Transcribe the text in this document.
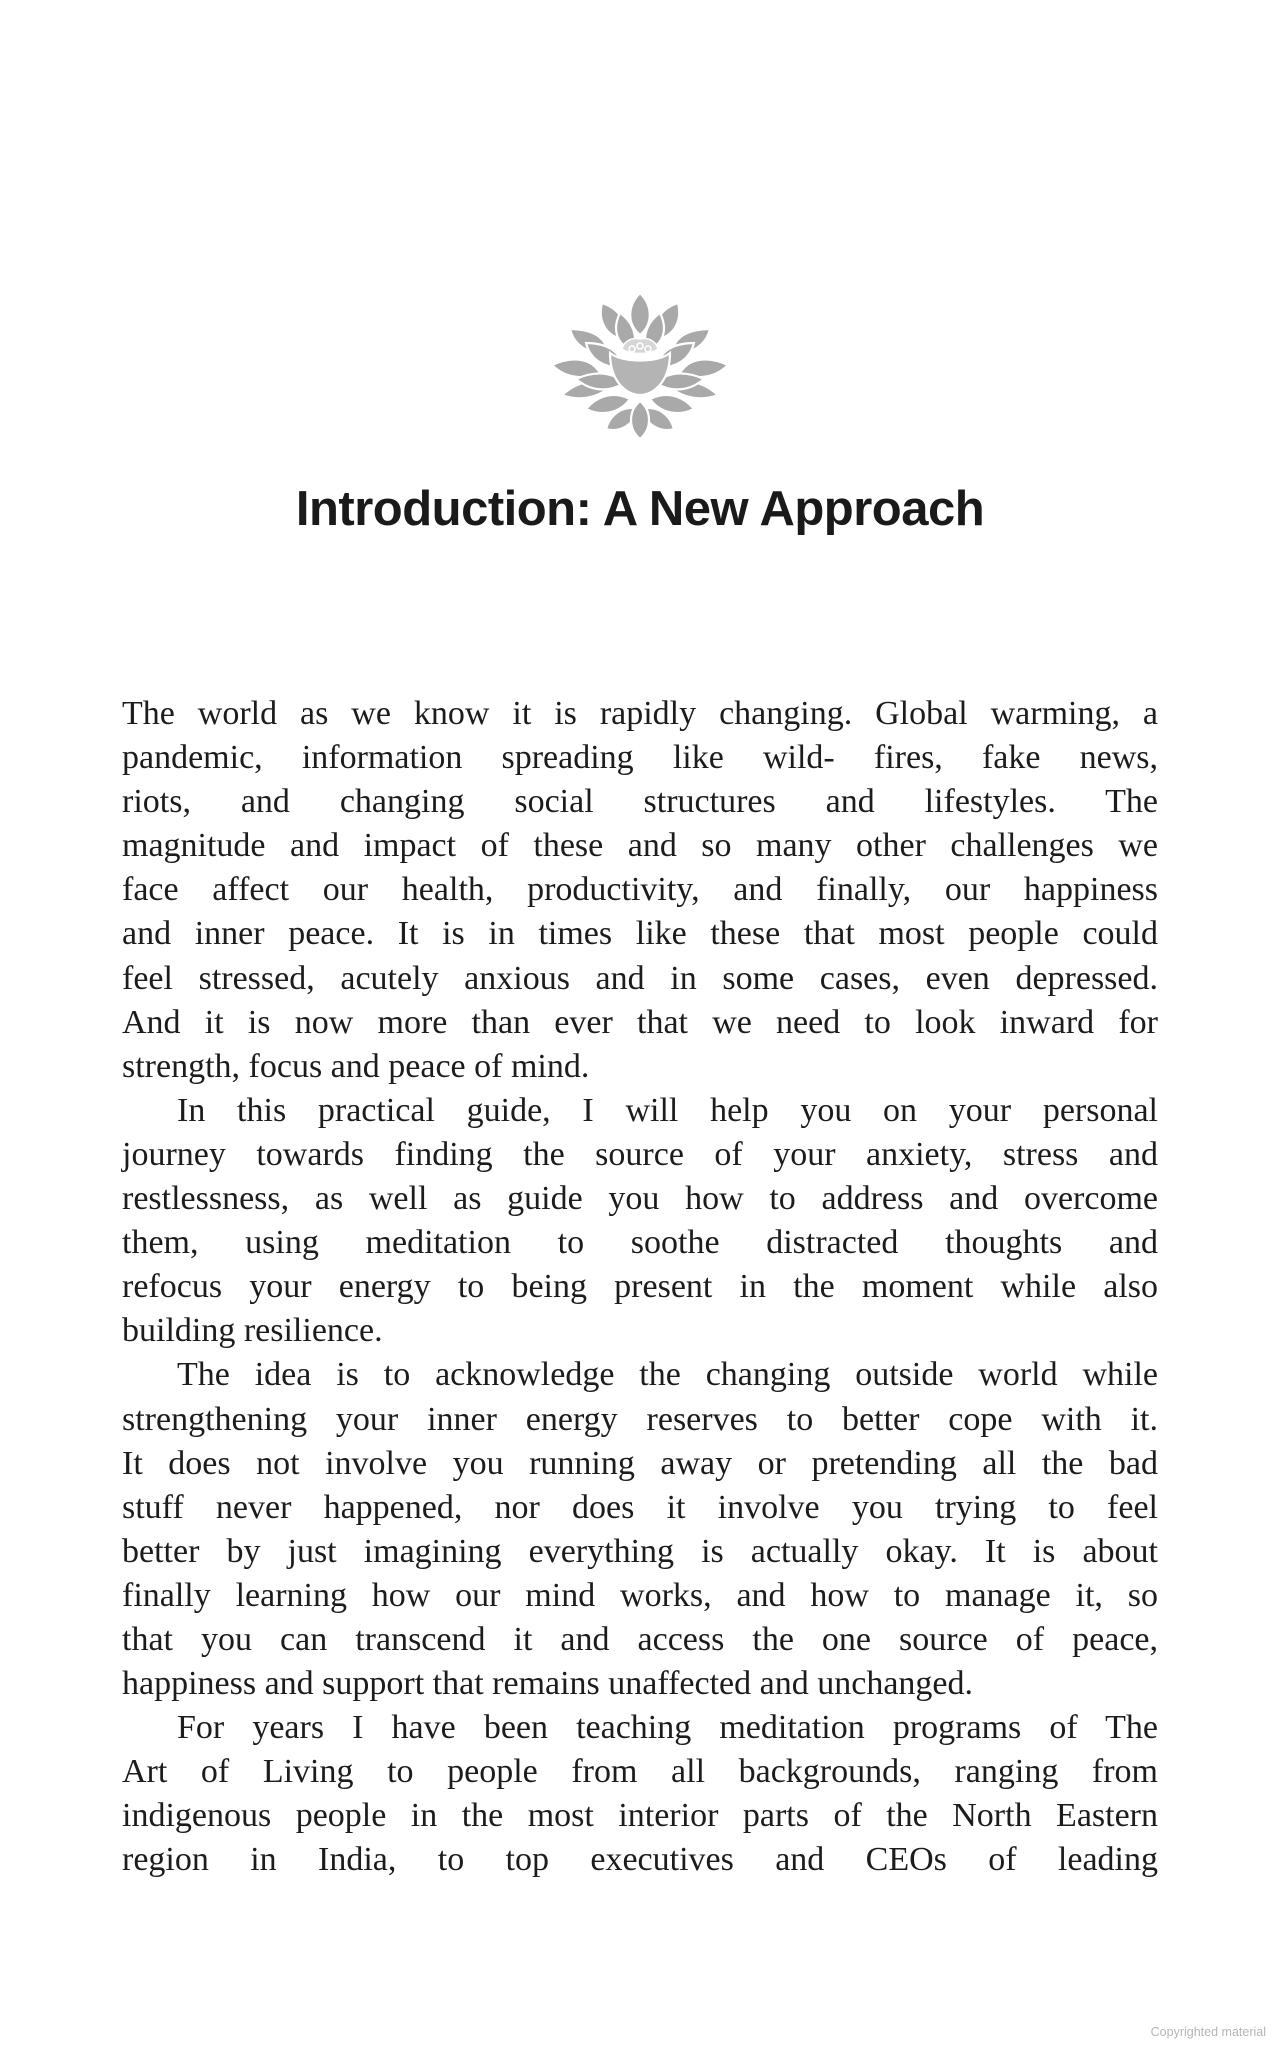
Introduction: A New Approach
The world as we know it is rapidly changing. Global warming, a
pandemic, information spreading like wild- fires, fake news,
riots, and changing social structures and lifestyles. The
magnitude and impact of these and so many other challenges we
face affect our health, productivity, and finally, our happiness
and inner peace. It is in times like these that most people could
feel stressed, acutely anxious and in some cases, even depressed.
And it is now more than ever that we need to look inward for
strength, focus and peace of mind.
In this practical guide, I will help you on your personal
journey towards finding the source of your anxiety, stress and
restlessness, as well as guide you how to address and overcome
them, using meditation to soothe distracted thoughts and
refocus your energy to being present in the moment while also
building resilience.
The idea is to acknowledge the changing outside world while
strengthening your inner energy reserves to better cope with it.
It does not involve you running away or pretending all the bad
stuff never happened, nor does it involve you trying to feel
better by just imagining everything is actually okay. It is about
finally learning how our mind works, and how to manage it, so
that you can transcend it and access the one source of peace,
happiness and support that remains unaffected and unchanged.
For years I have been teaching meditation programs of The
Art of Living to people from all backgrounds, ranging from
indigenous people in the most interior parts of the North Eastern
region in India, to top executives and CEOs of leading
Copyrighted material
